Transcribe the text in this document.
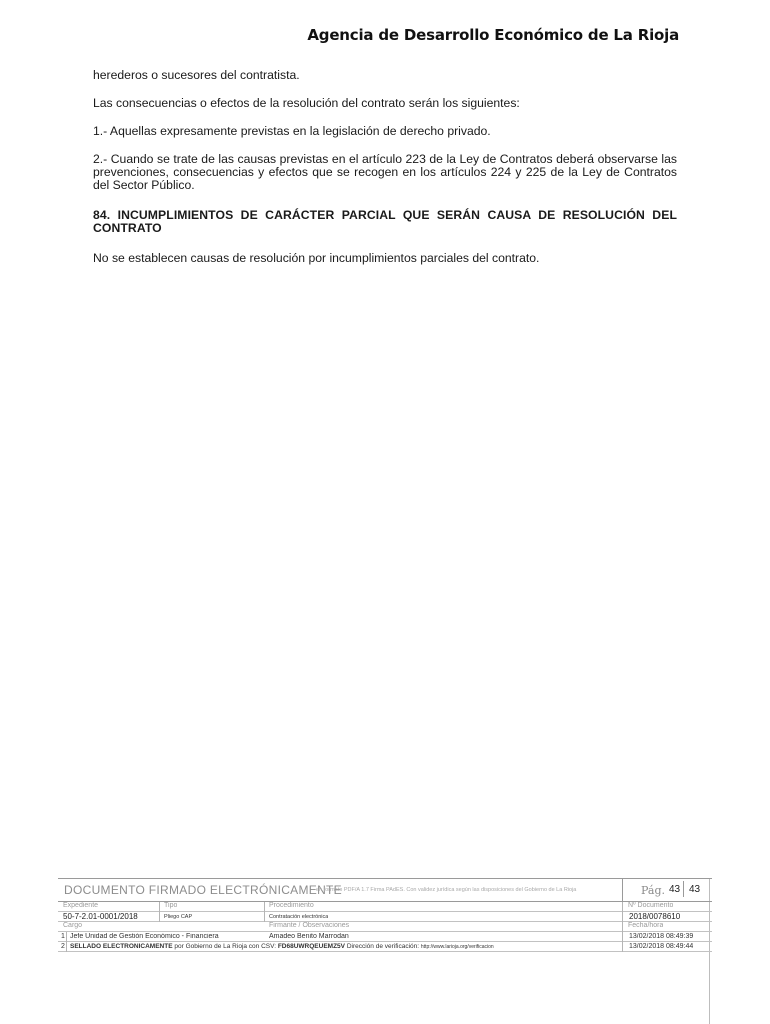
Agencia de Desarrollo Económico de La Rioja
herederos o sucesores del contratista.
Las consecuencias o efectos de la resolución del contrato serán los siguientes:
1.- Aquellas expresamente previstas en la legislación de derecho privado.
2.- Cuando se trate de las causas previstas en el artículo 223 de la Ley de Contratos deberá observarse las prevenciones, consecuencias y efectos que se recogen en los artículos 224 y 225 de la Ley de Contratos del Sector Público.
84. INCUMPLIMIENTOS DE CARÁCTER PARCIAL QUE SERÁN CAUSA DE RESOLUCIÓN DEL CONTRATO
No se establecen causas de resolución por incumplimientos parciales del contrato.
DOCUMENTO FIRMADO ELECTRÓNICAMENTE
en formato PDF/A 1.7 Firma PAdES. Con validez jurídica según las disposiciones del Gobierno de La Rioja	Pág. 43 43
Expediente	Tipo	Procedimiento	Nº Documento
50-7-2.01-0001/2018	Pliego CAP	Contratación electrónica	2018/0078610
Cargo	Firmante / Observaciones	Fecha/hora
1 Jefe Unidad de Gestión Económico - Financiera	Amadeo Benito Marrodan	13/02/2018 08:49:39
2 SELLADO ELECTRÓNICAMENTE por Gobierno de La Rioja con CSV: FD68UWRQEUEMZ5V Dirección de verificación: http://www.larioja.org/verificacion	13/02/2018 08:49:44
